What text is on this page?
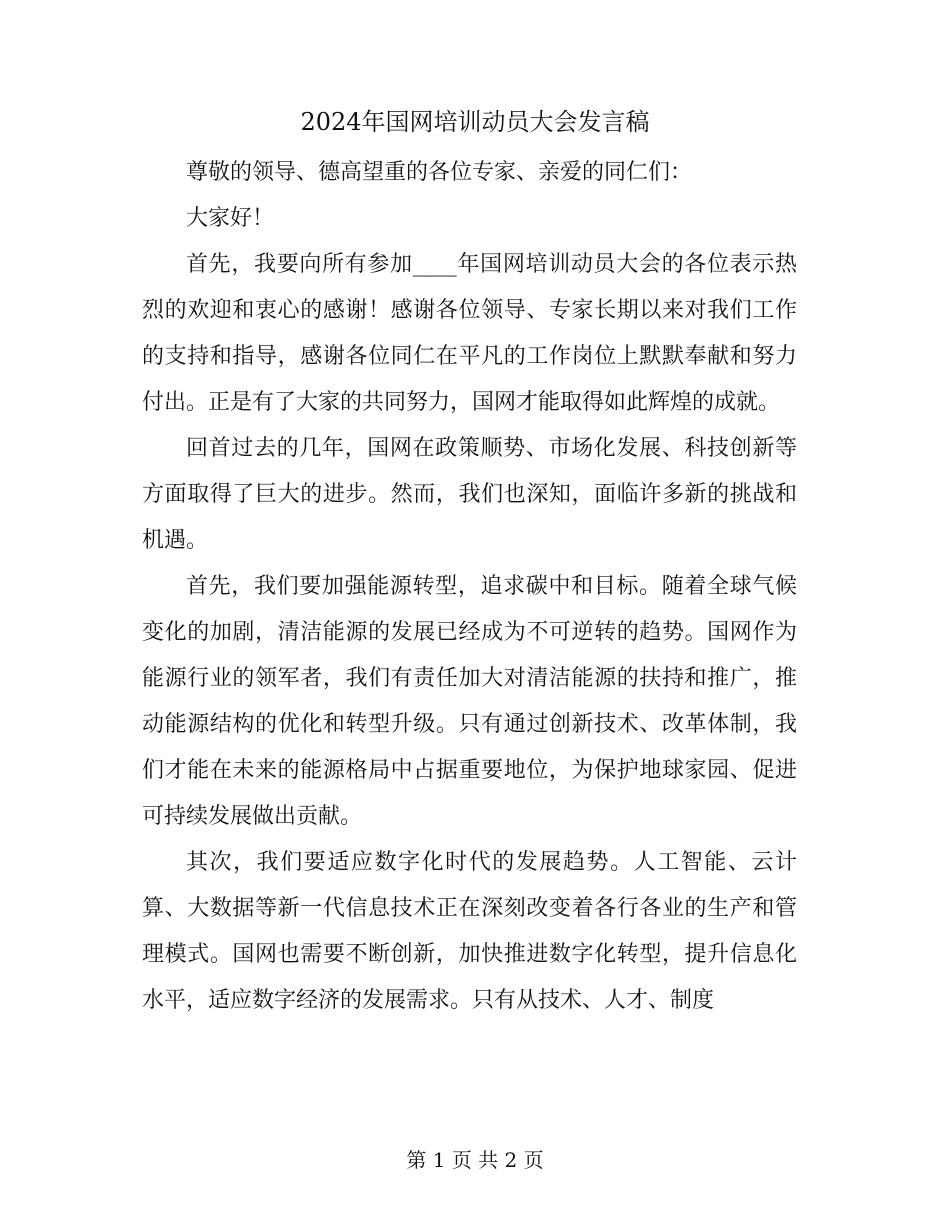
2024年国网培训动员大会发言稿

尊敬的领导、德高望重的各位专家、亲爱的同仁们：

大家好！

首先，我要向所有参加____年国网培训动员大会的各位表示热烈的欢迎和衷心的感谢！感谢各位领导、专家长期以来对我们工作的支持和指导，感谢各位同仁在平凡的工作岗位上默默奉献和努力付出。正是有了大家的共同努力，国网才能取得如此辉煌的成就。

回首过去的几年，国网在政策顺势、市场化发展、科技创新等方面取得了巨大的进步。然而，我们也深知，面临许多新的挑战和机遇。

首先，我们要加强能源转型，追求碳中和目标。随着全球气候变化的加剧，清洁能源的发展已经成为不可逆转的趋势。国网作为能源行业的领军者，我们有责任加大对清洁能源的扶持和推广，推动能源结构的优化和转型升级。只有通过创新技术、改革体制，我们才能在未来的能源格局中占据重要地位，为保护地球家园、促进可持续发展做出贡献。

其次，我们要适应数字化时代的发展趋势。人工智能、云计算、大数据等新一代信息技术正在深刻改变着各行各业的生产和管理模式。国网也需要不断创新，加快推进数字化转型，提升信息化水平，适应数字经济的发展需求。只有从技术、人才、制度

第 1 页 共 2 页
